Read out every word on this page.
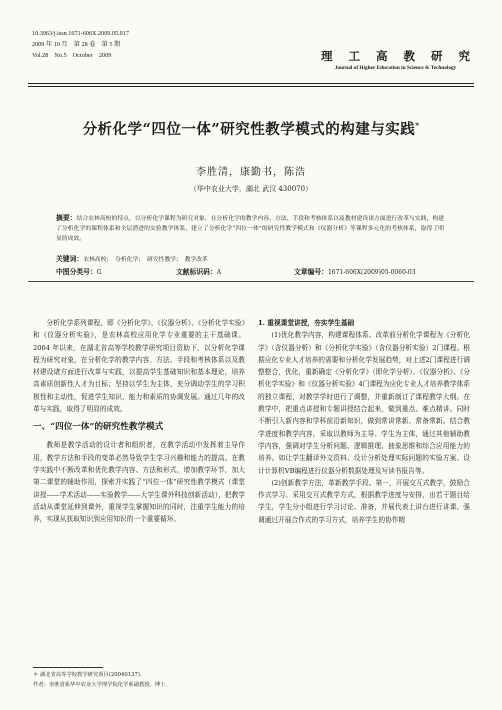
10.3963/j.issn.1671-606X.2009.05.017
2009 年 10 月　第 28 卷　第 5 期
Vol.28　No.5　October　2009	理工高教研究
Journal of Higher Education in Science & Technology
分析化学“四位一体”研究性教学模式的构建与实践*
李胜清，康勤书，陈浩
（华中农业大学，湖北 武汉 430070）
摘要：结合农林高校的特点，以分析化学课程为研究对象，在分析化学的教学内容、方法、手段和考核体系以及教材建设诸方面进行改革与实践，构建了分析化学的课程体系和全层潜进的实验教学体系，建立了分析化学“四位一体”的研究性教学模式和《仪器分析》等课程多元化的考核体系，取得了明显的成效。
关键词：农林高校；　分析化学；　研究性教学；　教学改革
中图分类号：G	文献标识码：A	文章编号：1671-606X(2009)05-0060-03

分析化学系列课程，即《分析化学》、《仪器分析》、《分析化学实验》和《仪器分析实验》，是农林高校应用化学专业重要的主干基础课。2004 年以来，在湖北省高等学校教学研究项目资助下，以分析化学课程为研究对象，在分析化学的教学内容、方法、手段和考核体系以及教材建设诸方面进行改革与实践，以提高学生基础知识和基本理论，培养高素质创新性人才为目标；坚持以学生为主体，充分调动学生的学习积极性和主动性，促进学生知识、能力和素质的协调发展。通过几年的改革与实践，取得了明显的成效。

一、“四位一体”的研究性教学模式

教师是教学活动的设计者和组织者，在教学活动中发挥着主导作用，教学方法和手段的变革必然导致学生学习兴趣和能力的提高。在教学实践中不断改革和优化教学内容、方法和形式，增加教学环节，加大第二课堂的辅助作用，探索并实践了“四位一体”研究性教学模式（课堂讲授——学术活动——实验教学——大学生课外科技创新活动），把教学活动从课堂延伸到课外，重视学生掌握知识的同时，注重学生能力的培养，实现从获取知识到应用知识的一个重要循环。

1. 重视课堂讲授，夯实学生基础

(1)优化教学内容，构建课程体系。改革前分析化学课程为《分析化学》（含仪器分析）和《分析化学实验》（含仪器分析实验）2门课程。根据应化专业人才培养的需要和分析化学发展趋势，对上述2门课程进行调整整合，优化，重新确定《分析化学》（即化学分析）、《仪器分析》、《分析化学实验》和《仪器分析实验》4门课程为应化专业人才培养教学体系的独立课程，对教学学时进行了调整，并重新制订了课程教学大纲。在教学中，把重点讲授和专题讲授结合起来，做到重点、难点精讲。同时不断引入新内容和学科前沿新知识，做到常讲常新、常备常新。结合教学进度和教学内容，采取以教师为主导、学生为主体，通过其他辅助教学内容，强调对学生分析问题、逻辑推理、抽象思维和综合应用能力的培养。如让学生翻译外文资料、设计分析处理实际问题的实验方案、设计计算机VB编程进行仪器分析数据处理及写读书报告等。

(2)创新教学方法，革新教学手段。第一，开展交互式教学，鼓励合作式学习。采用交互式教学方式，根据教学进度与安排，出若干题目给学生，学生分小组进行学习讨论、准备，并展代表上讲台进行讲课。强调通过开展合作式的学习方式，培养学生的协作精

＊ 湖北省高等学校教学研究项目(20040137)．
作者：李胜清系华中农业大学理学院化学系副教授，博士．
